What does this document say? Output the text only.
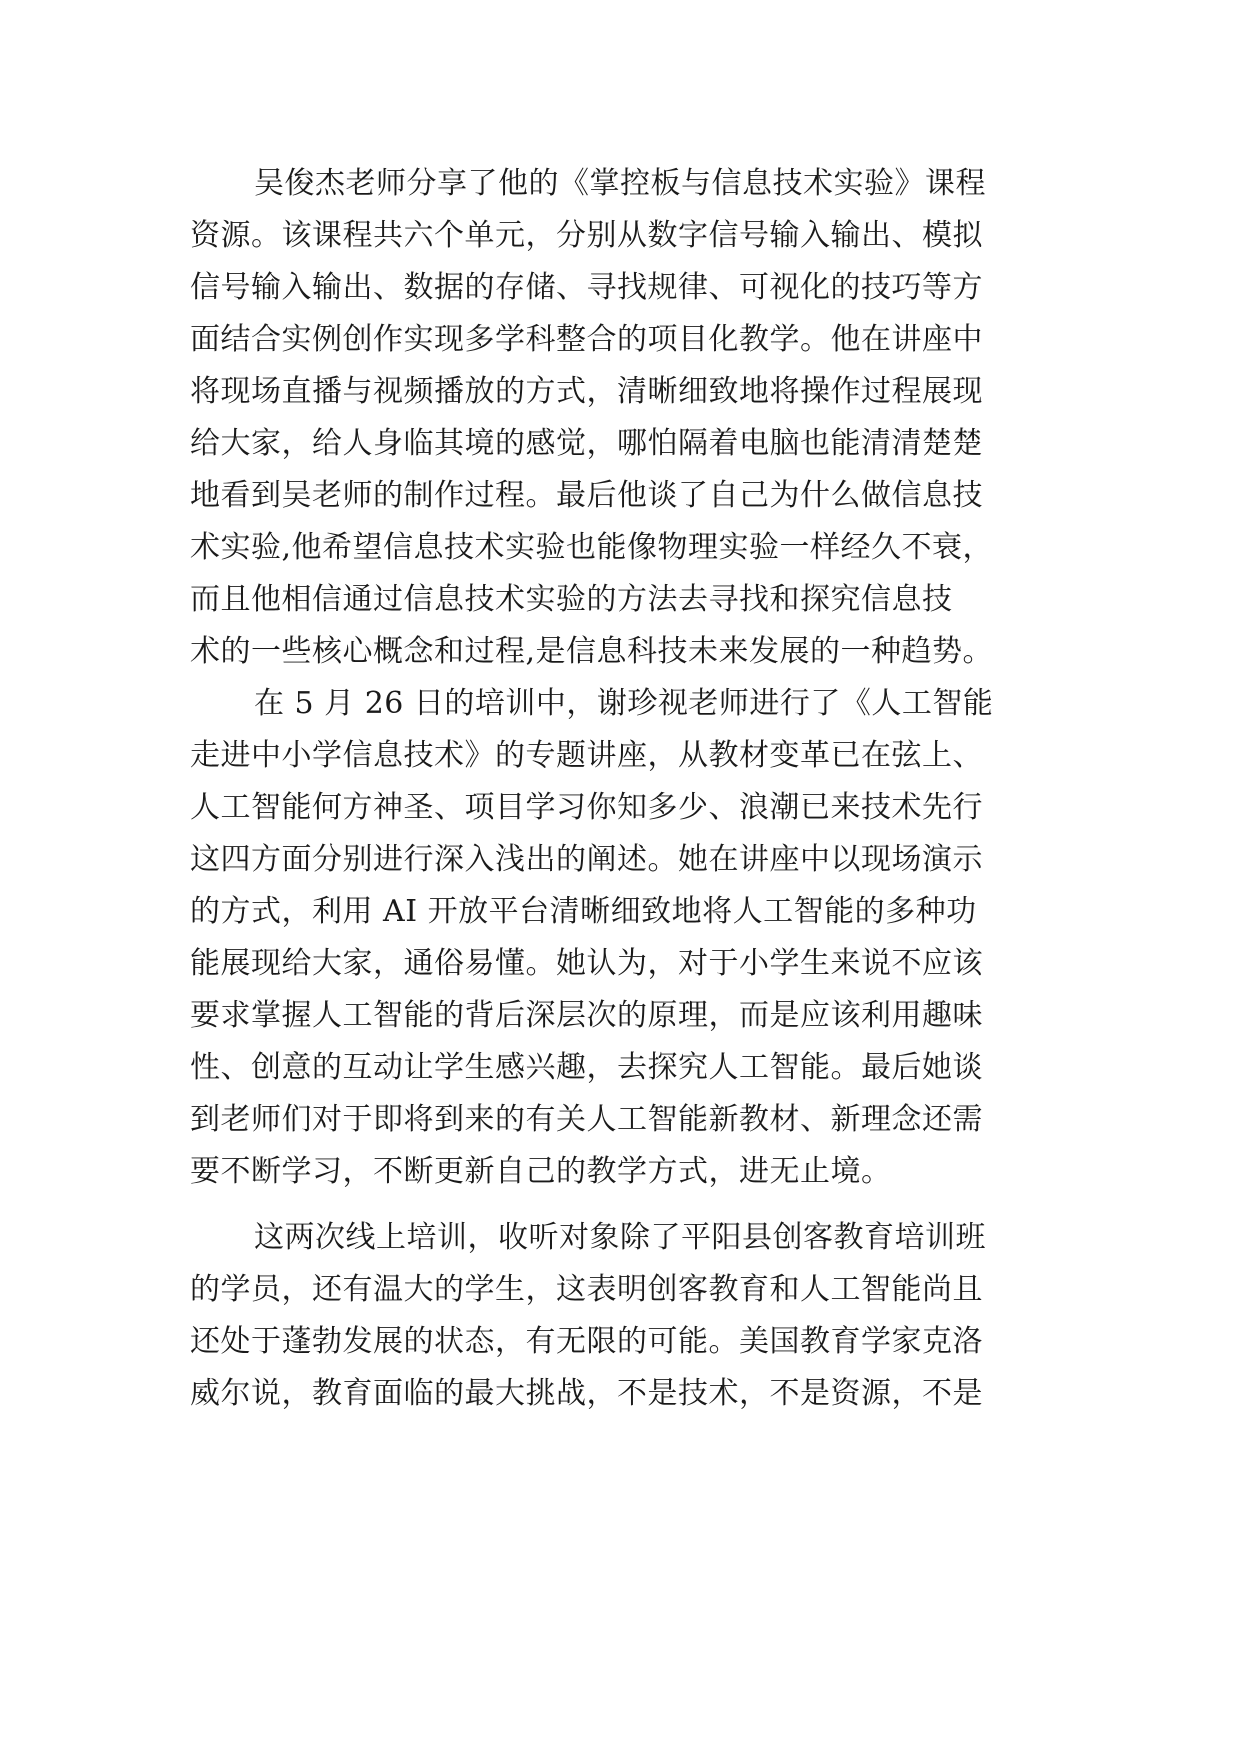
吴俊杰老师分享了他的《掌控板与信息技术实验》课程
资源。该课程共六个单元，分别从数字信号输入输出、模拟
信号输入输出、数据的存储、寻找规律、可视化的技巧等方
面结合实例创作实现多学科整合的项目化教学。他在讲座中
将现场直播与视频播放的方式，清晰细致地将操作过程展现
给大家，给人身临其境的感觉，哪怕隔着电脑也能清清楚楚
地看到吴老师的制作过程。最后他谈了自己为什么做信息技
术实验,他希望信息技术实验也能像物理实验一样经久不衰，
而且他相信通过信息技术实验的方法去寻找和探究信息技
术的一些核心概念和过程,是信息科技未来发展的一种趋势。
在 5 月 26 日的培训中，谢珍视老师进行了《人工智能
走进中小学信息技术》的专题讲座，从教材变革已在弦上、
人工智能何方神圣、项目学习你知多少、浪潮已来技术先行
这四方面分别进行深入浅出的阐述。她在讲座中以现场演示
的方式，利用 AI 开放平台清晰细致地将人工智能的多种功
能展现给大家，通俗易懂。她认为，对于小学生来说不应该
要求掌握人工智能的背后深层次的原理，而是应该利用趣味
性、创意的互动让学生感兴趣，去探究人工智能。最后她谈
到老师们对于即将到来的有关人工智能新教材、新理念还需
要不断学习，不断更新自己的教学方式，进无止境。
这两次线上培训，收听对象除了平阳县创客教育培训班
的学员，还有温大的学生，这表明创客教育和人工智能尚且
还处于蓬勃发展的状态，有无限的可能。美国教育学家克洛
威尔说，教育面临的最大挑战，不是技术，不是资源，不是
